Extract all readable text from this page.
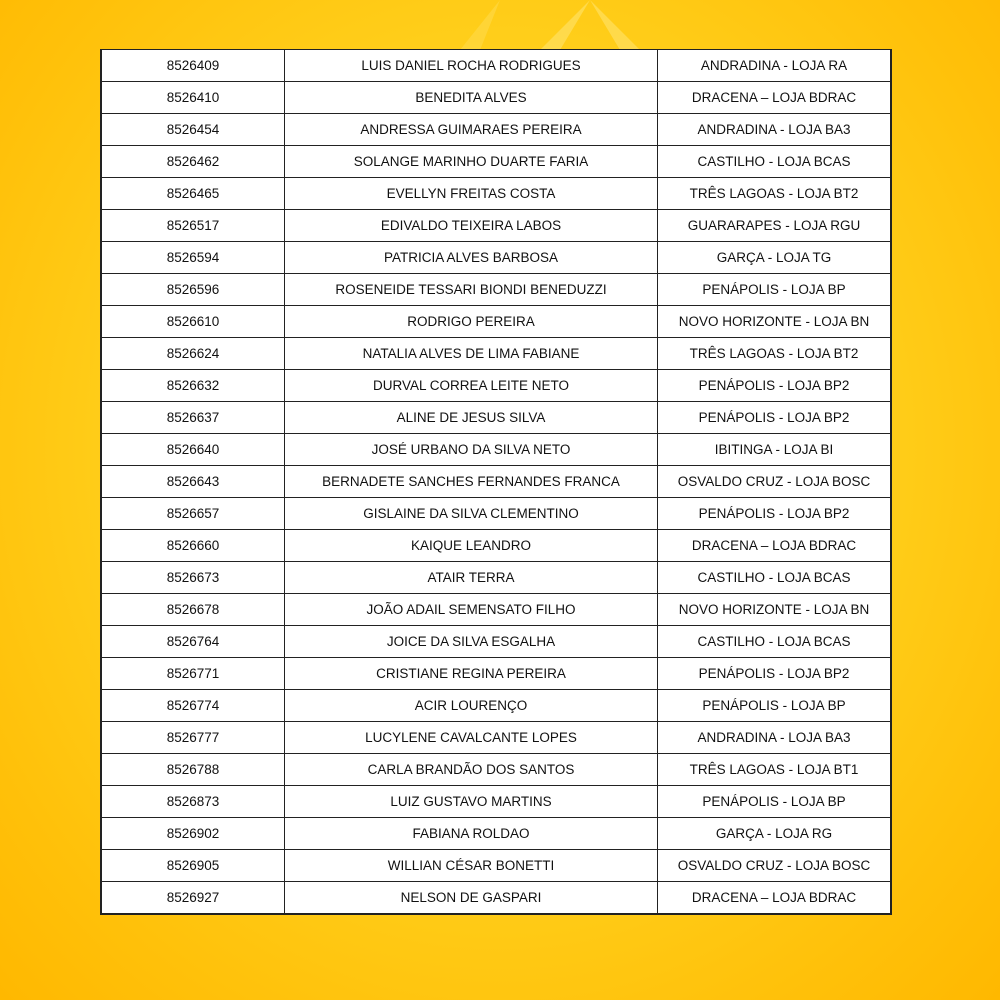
8526409	LUIS DANIEL ROCHA RODRIGUES	ANDRADINA - LOJA RA
8526410	BENEDITA ALVES	DRACENA – LOJA BDRAC
8526454	ANDRESSA GUIMARAES PEREIRA	ANDRADINA - LOJA BA3
8526462	SOLANGE MARINHO DUARTE FARIA	CASTILHO - LOJA BCAS
8526465	EVELLYN FREITAS COSTA	TRÊS LAGOAS - LOJA BT2
8526517	EDIVALDO TEIXEIRA LABOS	GUARARAPES - LOJA RGU
8526594	PATRICIA ALVES BARBOSA	GARÇA - LOJA TG
8526596	ROSENEIDE TESSARI BIONDI BENEDUZZI	PENÁPOLIS - LOJA BP
8526610	RODRIGO PEREIRA	NOVO HORIZONTE - LOJA BN
8526624	NATALIA ALVES DE LIMA FABIANE	TRÊS LAGOAS - LOJA BT2
8526632	DURVAL CORREA LEITE NETO	PENÁPOLIS - LOJA BP2
8526637	ALINE DE JESUS SILVA	PENÁPOLIS - LOJA BP2
8526640	JOSÉ URBANO DA SILVA NETO	IBITINGA - LOJA BI
8526643	BERNADETE SANCHES FERNANDES FRANCA	OSVALDO CRUZ - LOJA BOSC
8526657	GISLAINE DA SILVA CLEMENTINO	PENÁPOLIS - LOJA BP2
8526660	KAIQUE LEANDRO	DRACENA – LOJA BDRAC
8526673	ATAIR TERRA	CASTILHO - LOJA BCAS
8526678	JOÃO ADAIL SEMENSATO FILHO	NOVO HORIZONTE - LOJA BN
8526764	JOICE DA SILVA ESGALHA	CASTILHO - LOJA BCAS
8526771	CRISTIANE REGINA PEREIRA	PENÁPOLIS - LOJA BP2
8526774	ACIR LOURENÇO	PENÁPOLIS - LOJA BP
8526777	LUCYLENE CAVALCANTE LOPES	ANDRADINA - LOJA BA3
8526788	CARLA BRANDÃO DOS SANTOS	TRÊS LAGOAS - LOJA BT1
8526873	LUIZ GUSTAVO MARTINS	PENÁPOLIS - LOJA BP
8526902	FABIANA ROLDAO	GARÇA - LOJA RG
8526905	WILLIAN CÉSAR BONETTI	OSVALDO CRUZ - LOJA BOSC
8526927	NELSON DE GASPARI	DRACENA – LOJA BDRAC
